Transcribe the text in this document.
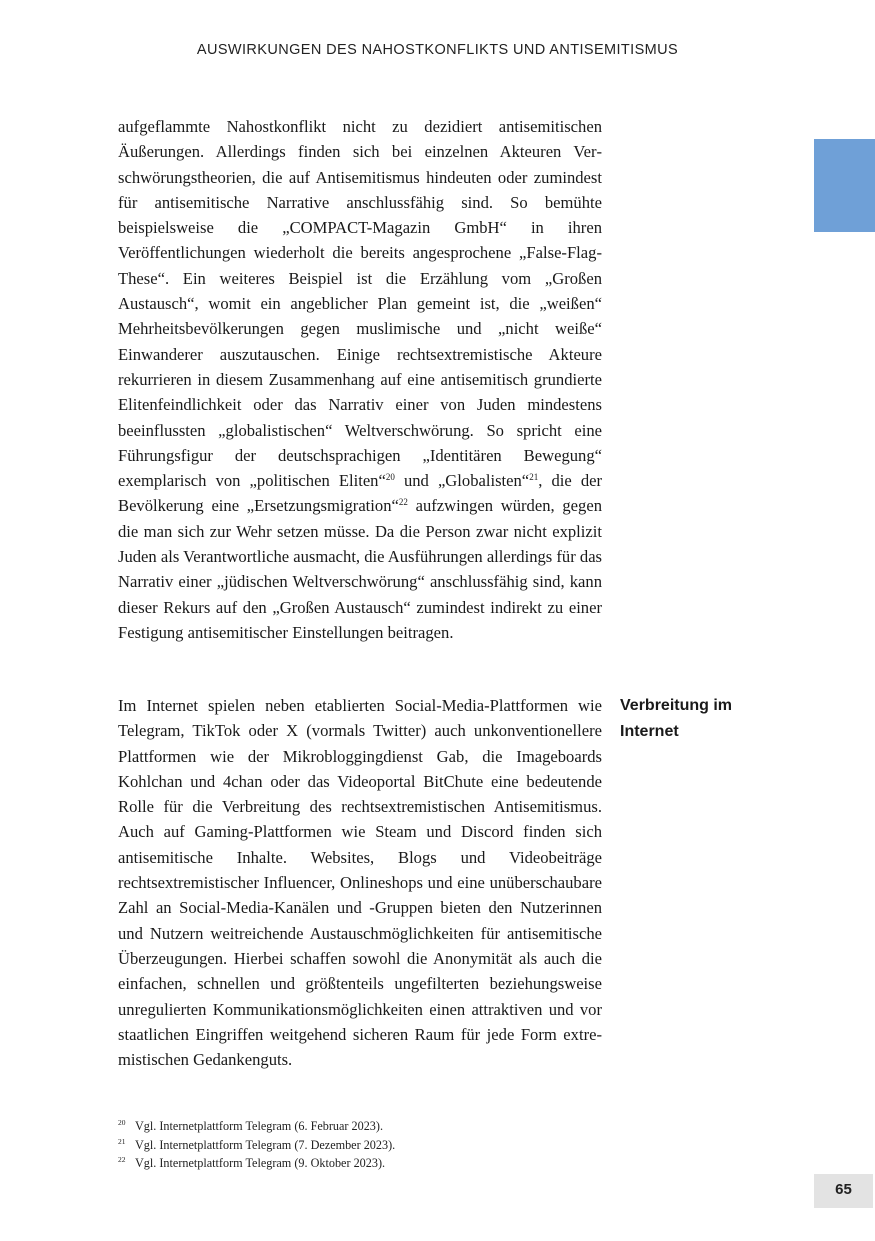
AUSWIRKUNGEN DES NAHOSTKONFLIKTS UND ANTISEMITISMUS

aufgeflammte Nahostkonflikt nicht zu dezidiert antisemitischen Äußerungen. Allerdings finden sich bei einzelnen Akteuren Verschwörungstheorien, die auf Antisemitismus hindeuten oder zumindest für antisemitische Narrative anschlussfähig sind. So bemühte beispielsweise die „COMPACT-Magazin GmbH“ in ihren Veröffentlichungen wiederholt die bereits angesprochene „False-Flag-These“. Ein weiteres Beispiel ist die Erzählung vom „Großen Austausch“, womit ein angeblicher Plan gemeint ist, die „weißen“ Mehrheitsbevölkerungen gegen muslimische und „nicht weiße“ Einwanderer auszutauschen. Einige rechtsextremistische Akteure rekurrieren in diesem Zusammenhang auf eine antisemitisch grundierte Elitenfeindlichkeit oder das Narrativ einer von Juden mindestens beeinflussten „globalistischen“ Weltverschwörung. So spricht eine Führungsfigur der deutschsprachigen „Identitären Bewegung“ exemplarisch von „politischen Eliten“$^{20}$ und „Globalisten“$^{21}$, die der Bevölkerung eine „Ersetzungsmigration“$^{22}$ aufzwingen würden, gegen die man sich zur Wehr setzen müsse. Da die Person zwar nicht explizit Juden als Verantwortliche ausmacht, die Ausführungen allerdings für das Narrativ einer „jüdischen Weltverschwörung“ anschlussfähig sind, kann dieser Rekurs auf den „Großen Austausch“ zumindest indirekt zu einer Festigung antisemitischer Einstellungen beitragen.

Verbreitung im Internet

Im Internet spielen neben etablierten Social-Media-Plattformen wie Telegram, TikTok oder X (vormals Twitter) auch unkonventionellere Plattformen wie der Mikrobloggingdienst Gab, die Imageboards Kohlchan und 4chan oder das Videoportal BitChute eine bedeutende Rolle für die Verbreitung des rechtsextremistischen Antisemitismus. Auch auf Gaming-Plattformen wie Steam und Discord finden sich antisemitische Inhalte. Websites, Blogs und Videobeiträge rechtsextremistischer Influencer, Onlineshops und eine unüberschaubare Zahl an Social-Media-Kanälen und -Gruppen bieten den Nutzerinnen und Nutzern weitreichende Austauschmöglichkeiten für antisemitische Überzeugungen. Hierbei schaffen sowohl die Anonymität als auch die einfachen, schnellen und größtenteils ungefilterten beziehungsweise unregulierten Kommunikationsmöglichkeiten einen attraktiven und vor staatlichen Eingriffen weitgehend sicheren Raum für jede Form extremistischen Gedankenguts.

20 Vgl. Internetplattform Telegram (6. Februar 2023).
21 Vgl. Internetplattform Telegram (7. Dezember 2023).
22 Vgl. Internetplattform Telegram (9. Oktober 2023).
65
